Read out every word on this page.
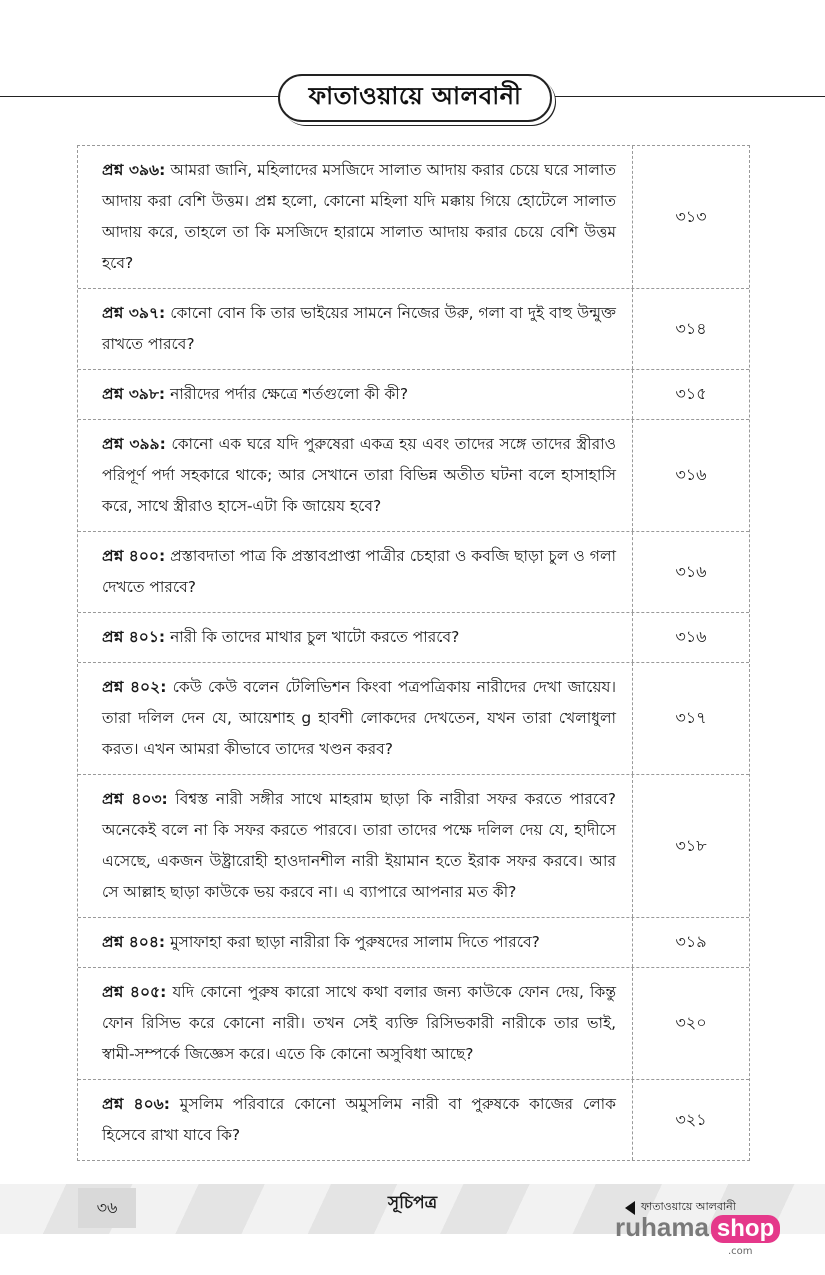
ফাতাওয়ায়ে আলবানী
প্রশ্ন ৩৯৬: আমরা জানি, মহিলাদের মসজিদে সালাত আদায় করার চেয়ে ঘরে সালাত আদায় করা বেশি উত্তম। প্রশ্ন হলো, কোনো মহিলা যদি মক্কায় গিয়ে হোটেলে সালাত আদায় করে, তাহলে তা কি মসজিদে হারামে সালাত আদায় করার চেয়ে বেশি উত্তম হবে?
৩১৩
প্রশ্ন ৩৯৭: কোনো বোন কি তার ভাইয়ের সামনে নিজের উরু, গলা বা দুই বাহু উন্মুক্ত রাখতে পারবে?
৩১৪
প্রশ্ন ৩৯৮: নারীদের পর্দার ক্ষেত্রে শর্তগুলো কী কী?	৩১৫
প্রশ্ন ৩৯৯: কোনো এক ঘরে যদি পুরুষেরা একত্র হয় এবং তাদের সঙ্গে তাদের স্ত্রীরাও পরিপূর্ণ পর্দা সহকারে থাকে; আর সেখানে তারা বিভিন্ন অতীত ঘটনা বলে হাসাহাসি করে, সাথে স্ত্রীরাও হাসে-এটা কি জায়েয হবে?
৩১৬
প্রশ্ন ৪০০: প্রস্তাবদাতা পাত্র কি প্রস্তাবপ্রাপ্তা পাত্রীর চেহারা ও কবজি ছাড়া চুল ও গলা দেখতে পারবে?
৩১৬
প্রশ্ন ৪০১: নারী কি তাদের মাথার চুল খাটো করতে পারবে?	৩১৬
প্রশ্ন ৪০২: কেউ কেউ বলেন টেলিভিশন কিংবা পত্রপত্রিকায় নারীদের দেখা জায়েয। তারা দলিল দেন যে, আয়েশাহ g হাবশী লোকদের দেখতেন, যখন তারা খেলাধুলা করত। এখন আমরা কীভাবে তাদের খণ্ডন করব?
৩১৭
প্রশ্ন ৪০৩: বিশ্বস্ত নারী সঙ্গীর সাথে মাহরাম ছাড়া কি নারীরা সফর করতে পারবে? অনেকেই বলে না কি সফর করতে পারবে। তারা তাদের পক্ষে দলিল দেয় যে, হাদীসে এসেছে, একজন উষ্ট্রারোহী হাওদানশীল নারী ইয়ামান হতে ইরাক সফর করবে। আর সে আল্লাহ ছাড়া কাউকে ভয় করবে না। এ ব্যাপারে আপনার মত কী?
৩১৮
প্রশ্ন ৪০৪: মুসাফাহা করা ছাড়া নারীরা কি পুরুষদের সালাম দিতে পারবে?	৩১৯
প্রশ্ন ৪০৫: যদি কোনো পুরুষ কারো সাথে কথা বলার জন্য কাউকে ফোন দেয়, কিন্তু ফোন রিসিভ করে কোনো নারী। তখন সেই ব্যক্তি রিসিভকারী নারীকে তার ভাই, স্বামী-সম্পর্কে জিজ্ঞেস করে। এতে কি কোনো অসুবিধা আছে?
৩২০
প্রশ্ন ৪০৬: মুসলিম পরিবারে কোনো অমুসলিম নারী বা পুরুষকে কাজের লোক হিসেবে রাখা যাবে কি?
৩২১
৩৬	সূচিপত্র	ফাতাওয়ায়ে আলবানী
ruhama shop
.com
